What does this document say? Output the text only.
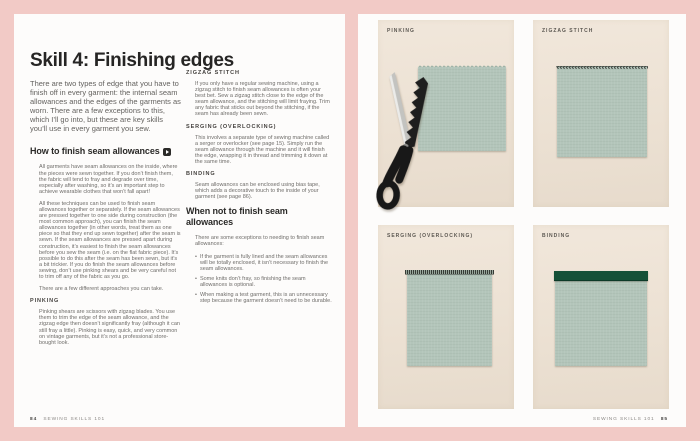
Skill 4: Finishing edges

There are two types of edge that you have to finish off in every garment: the internal seam allowances and the edges of the garments as worn. There are a few exceptions to this, which I’ll go into, but these are key skills you’ll use in every garment you sew.

How to finish seam allowances

All garments have seam allowances on the inside, where the pieces were sewn together. If you don’t finish them, the fabric will tend to fray and degrade over time, especially after washing, so it’s an important step to achieve wearable clothes that won’t fall apart!

All these techniques can be used to finish seam allowances together or separately. If the seam allowances are pressed together to one side during construction (the most common approach), you can finish the seam allowances together (in other words, treat them as one piece so that they end up sewn together) after the seam is sewn. If the seam allowances are pressed apart during construction, it’s easiest to finish the seam allowances before you sew the seam (i.e. on the flat fabric piece). It’s possible to do this after the seam has been sewn, but it’s a bit trickier. If you do finish the seam allowances before sewing, don’t use pinking shears and be very careful not to trim off any of the fabric as you go.

There are a few different approaches you can take.

PINKING

Pinking shears are scissors with zigzag blades. You use them to trim the edge of the seam allowance, and the zigzag edge then doesn’t significantly fray (although it can still fray a little). Pinking is easy, quick, and very common on vintage garments, but it’s not a professional store-bought look.

ZIGZAG STITCH

If you only have a regular sewing machine, using a zigzag stitch to finish seam allowances is often your best bet. Sew a zigzag stitch close to the edge of the seam allowance, and the stitching will limit fraying. Trim any fabric that sticks out beyond the stitching, if the seam has already been sewn.

SERGING (OVERLOCKING)

This involves a separate type of sewing machine called a serger or overlocker (see page 15). Simply run the seam allowance through the machine and it will finish the edge, wrapping it in thread and trimming it down at the same time.

BINDING

Seam allowances can be enclosed using bias tape, which adds a decorative touch to the inside of your garment (see page 86).

When not to finish seam allowances

There are some exceptions to needing to finish seam allowances:

• If the garment is fully lined and the seam allowances will be totally enclosed, it isn’t necessary to finish the seam allowances.

• Some knits don’t fray, so finishing the seam allowances is optional.

• When making a test garment, this is an unnecessary step because the garment doesn’t need to be durable.

84 SEWING SKILLS 101
PINKING	ZIGZAG STITCH
SERGING (OVERLOCKING)	BINDING
SEWING SKILLS 101 85
